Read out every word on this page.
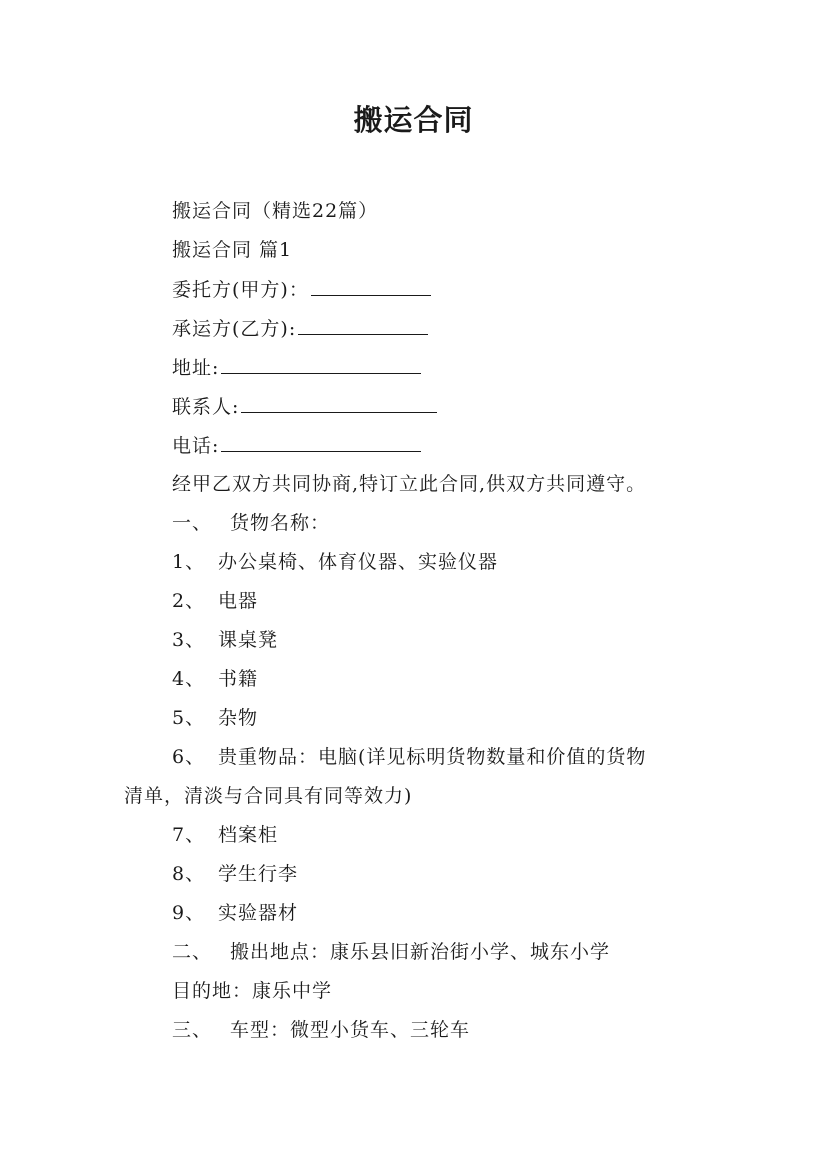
搬运合同
搬运合同（精选22篇）
搬运合同 篇1
委托方(甲方)：
承运方(乙方):
地址:
联系人:
电话:
经甲乙双方共同协商,特订立此合同,供双方共同遵守。
一、 货物名称：
1、 办公桌椅、体育仪器、实验仪器
2、 电器
3、 课桌凳
4、 书籍
5、 杂物
6、 贵重物品：电脑(详见标明货物数量和价值的货物
清单，清淡与合同具有同等效力)
7、 档案柜
8、 学生行李
9、 实验器材
二、 搬出地点：康乐县旧新治街小学、城东小学
目的地：康乐中学
三、 车型：微型小货车、三轮车
